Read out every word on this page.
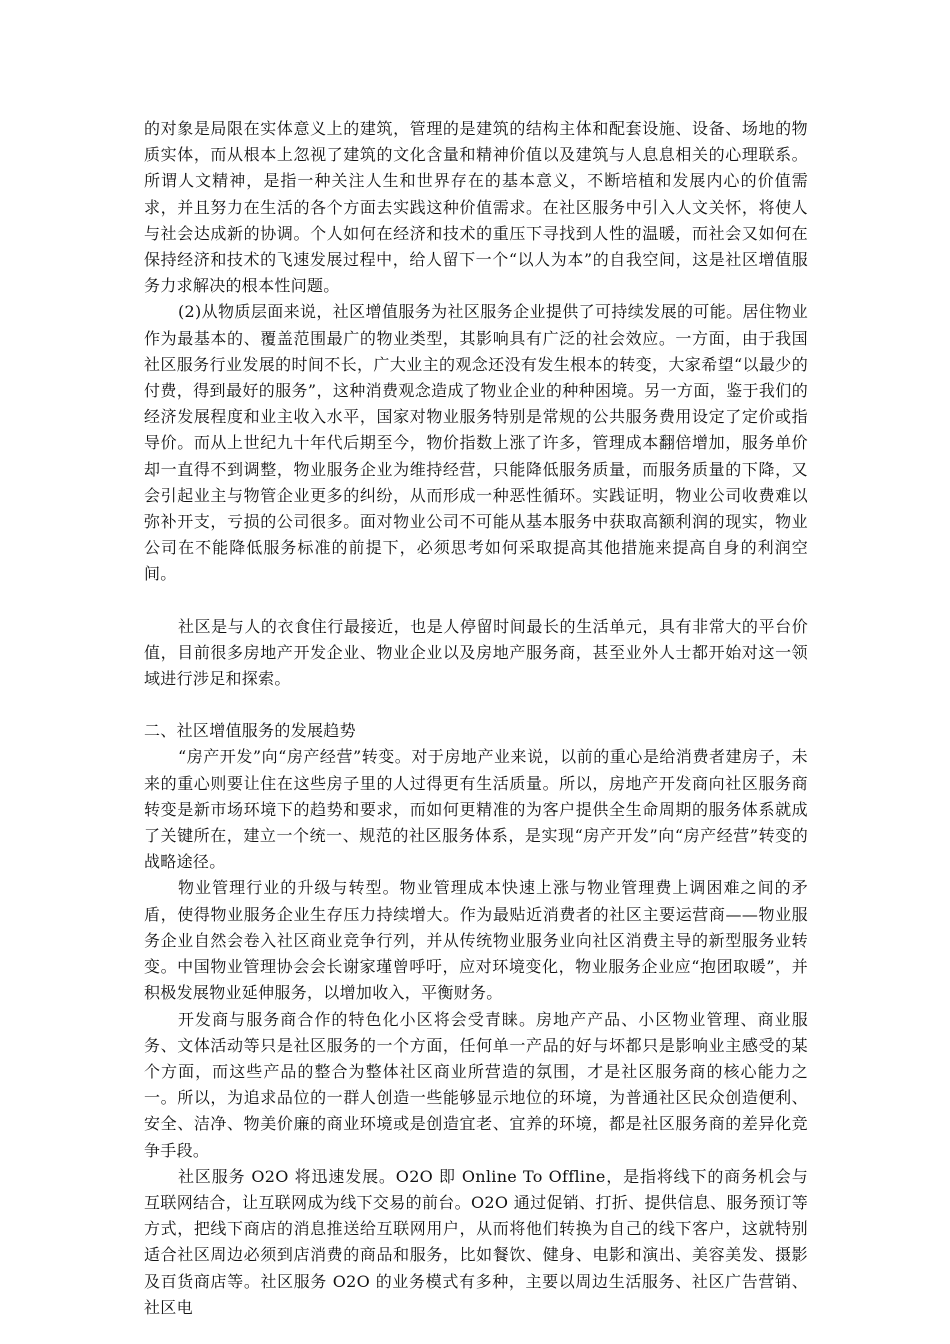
的对象是局限在实体意义上的建筑，管理的是建筑的结构主体和配套设施、设备、场地的物质实体，而从根本上忽视了建筑的文化含量和精神价值以及建筑与人息息相关的心理联系。所谓人文精神，是指一种关注人生和世界存在的基本意义，不断培植和发展内心的价值需求，并且努力在生活的各个方面去实践这种价值需求。在社区服务中引入人文关怀，将使人与社会达成新的协调。个人如何在经济和技术的重压下寻找到人性的温暖，而社会又如何在保持经济和技术的飞速发展过程中，给人留下一个“以人为本”的自我空间，这是社区增值服务力求解决的根本性问题。

(2)从物质层面来说，社区增值服务为社区服务企业提供了可持续发展的可能。居住物业作为最基本的、覆盖范围最广的物业类型，其影响具有广泛的社会效应。一方面，由于我国社区服务行业发展的时间不长，广大业主的观念还没有发生根本的转变，大家希望“以最少的付费，得到最好的服务”，这种消费观念造成了物业企业的种种困境。另一方面，鉴于我们的经济发展程度和业主收入水平，国家对物业服务特别是常规的公共服务费用设定了定价或指导价。而从上世纪九十年代后期至今，物价指数上涨了许多，管理成本翻倍增加，服务单价却一直得不到调整，物业服务企业为维持经营，只能降低服务质量，而服务质量的下降，又会引起业主与物管企业更多的纠纷，从而形成一种恶性循环。实践证明，物业公司收费难以弥补开支，亏损的公司很多。面对物业公司不可能从基本服务中获取高额利润的现实，物业公司在不能降低服务标准的前提下，必须思考如何采取提高其他措施来提高自身的利润空间。

社区是与人的衣食住行最接近，也是人停留时间最长的生活单元，具有非常大的平台价值，目前很多房地产开发企业、物业企业以及房地产服务商，甚至业外人士都开始对这一领域进行涉足和探索。

二、社区增值服务的发展趋势

“房产开发”向“房产经营”转变。对于房地产业来说，以前的重心是给消费者建房子，未来的重心则要让住在这些房子里的人过得更有生活质量。所以，房地产开发商向社区服务商转变是新市场环境下的趋势和要求，而如何更精准的为客户提供全生命周期的服务体系就成了关键所在，建立一个统一、规范的社区服务体系，是实现“房产开发”向“房产经营”转变的战略途径。

物业管理行业的升级与转型。物业管理成本快速上涨与物业管理费上调困难之间的矛盾，使得物业服务企业生存压力持续增大。作为最贴近消费者的社区主要运营商——物业服务企业自然会卷入社区商业竞争行列，并从传统物业服务业向社区消费主导的新型服务业转变。中国物业管理协会会长谢家瑾曾呼吁，应对环境变化，物业服务企业应“抱团取暖”，并积极发展物业延伸服务，以增加收入，平衡财务。

开发商与服务商合作的特色化小区将会受青睐。房地产产品、小区物业管理、商业服务、文体活动等只是社区服务的一个方面，任何单一产品的好与坏都只是影响业主感受的某个方面，而这些产品的整合为整体社区商业所营造的氛围，才是社区服务商的核心能力之一。所以，为追求品位的一群人创造一些能够显示地位的环境，为普通社区民众创造便利、安全、洁净、物美价廉的商业环境或是创造宜老、宜养的环境，都是社区服务商的差异化竞争手段。

社区服务 O2O 将迅速发展。O2O 即 Online To Offline，是指将线下的商务机会与互联网结合，让互联网成为线下交易的前台。O2O 通过促销、打折、提供信息、服务预订等方式，把线下商店的消息推送给互联网用户，从而将他们转换为自己的线下客户，这就特别适合社区周边必须到店消费的商品和服务，比如餐饮、健身、电影和演出、美容美发、摄影及百货商店等。社区服务 O2O 的业务模式有多种，主要以周边生活服务、社区广告营销、社区电
